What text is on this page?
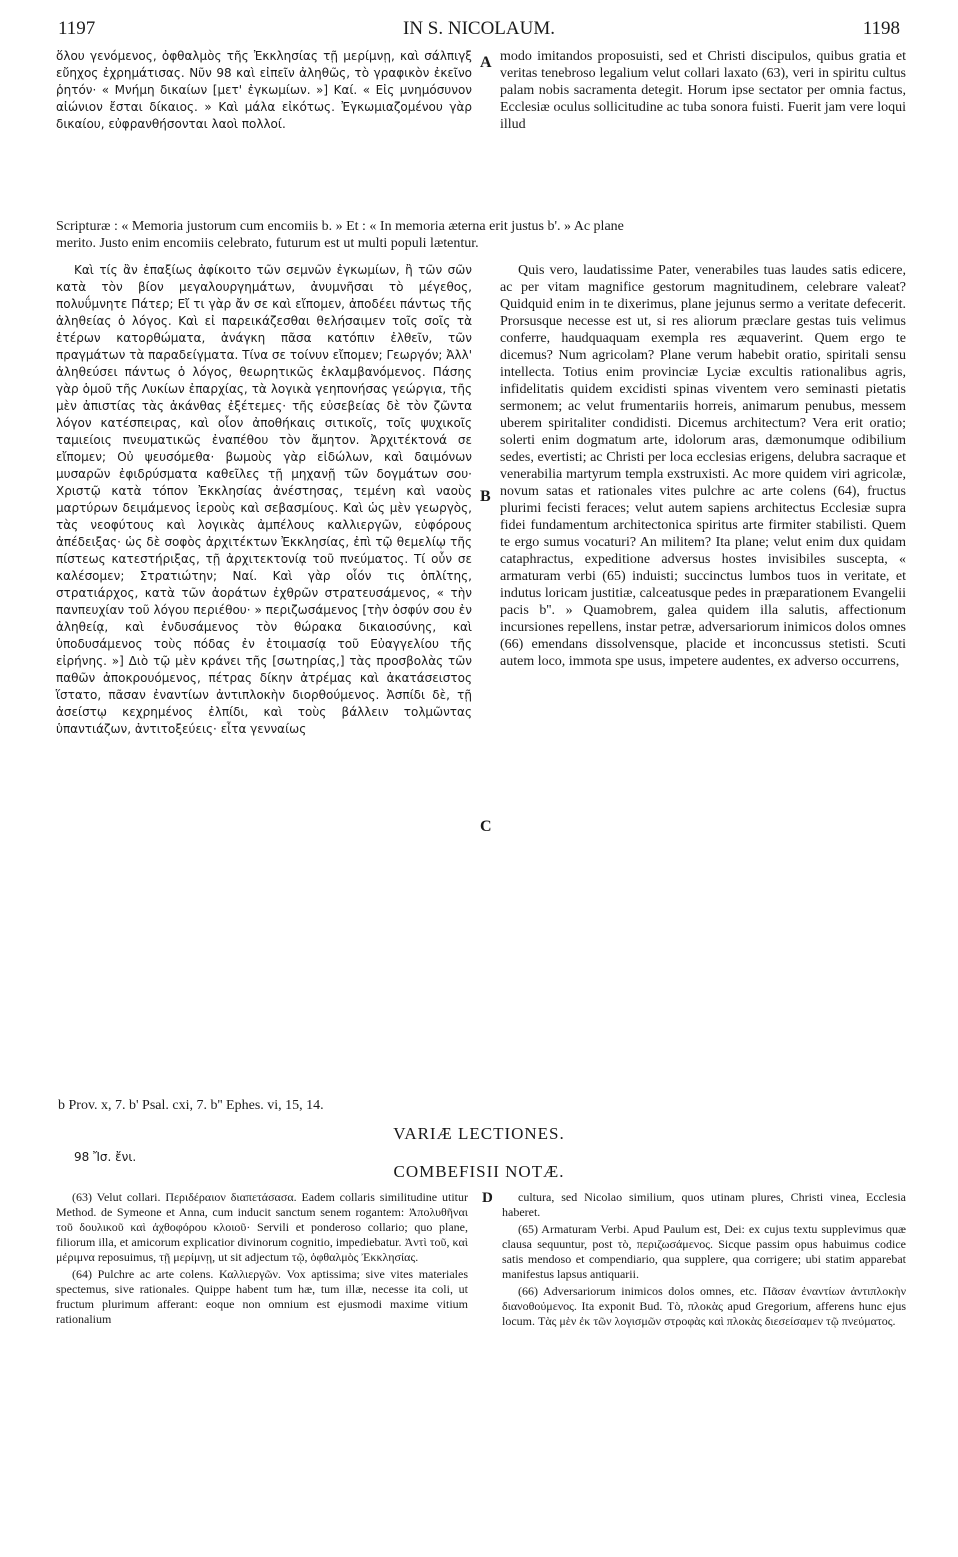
1197	IN S. NICOLAUM.	1198

ὅλου γενόμενος, ὀφθαλμὸς τῆς Ἐκκλησίας τῇ μερίμνῃ, καὶ σάλπιγξ εὔηχος ἐχρημάτισας. Νῦν 98 καὶ εἰπεῖν ἀληθῶς, τὸ γραφικὸν ἐκεῖνο ῥητόν· « Μνήμη δικαίων [μετ' ἐγκωμίων. »] Καί. « Εἰς μνημόσυνον αἰώνιον ἔσται δίκαιος. » Καὶ μάλα εἰκότως. Ἐγκωμιαζομένου γὰρ δικαίου, εὐφρανθήσονται λαοὶ πολλοί.

modo imitandos proposuisti, sed et Christi discipulos, quibus gratia et veritas tenebroso legalium velut collari laxato (63), veri in spiritu cultus palam nobis sacramenta detegit. Horum ipse sectator per omnia factus, Ecclesiæ oculus sollicitudine ac tuba sonora fuisti. Fuerit jam vere loqui illud

Scripturæ : « Memoria justorum cum encomiis b. » Et : « In memoria æterna erit justus b'. » Ac plane
merito. Justo enim encomiis celebrato, futurum est ut multi populi lætentur.

Καὶ τίς ἂν ἐπαξίως ἀφίκοιτο τῶν σεμνῶν ἐγκωμίων, ἢ τῶν σῶν κατὰ τὸν βίον μεγαλουργημάτων, ἀνυμνῆσαι τὸ μέγεθος, πολυΰμνητε Πάτερ; Εἴ τι γὰρ ἄν σε καὶ εἴπομεν, ἀποδέει πάντως τῆς ἀληθείας ὁ λόγος. Καὶ εἰ παρεικάζεσθαι θελήσαιμεν τοῖς σοῖς τὰ ἑτέρων κατορθώματα, ἀνάγκη πᾶσα κατόπιν ἐλθεῖν, τῶν πραγμάτων τὰ παραδείγματα. Τίνα σε τοίνυν εἴπομεν; Γεωργόν; Ἀλλ' ἀληθεύσει πάντως ὁ λόγος, θεωρητικῶς ἐκλαμβανόμενος. Πάσης γὰρ ὁμοῦ τῆς Λυκίων ἐπαρχίας, τὰ λογικὰ γεηπονήσας γεώργια, τῆς μὲν ἀπιστίας τὰς ἀκάνθας ἐξέτεμες· τῆς εὐσεβείας δὲ τὸν ζῶντα λόγον κατέσπειρας, καὶ οἷον ἀποθήκαις σιτικοῖς, τοῖς ψυχικοῖς ταμιείοις πνευματικῶς ἐναπέθου τὸν ἄμητον. Ἀρχιτέκτονά σε εἴπομεν; Οὐ ψευσόμεθα· βωμοὺς γὰρ εἰδώλων, καὶ δαιμόνων μυσαρῶν ἐφιδρύσματα καθεῖλες τῇ μηχανῇ τῶν δογμάτων σου· Χριστῷ κατὰ τόπον Ἐκκλησίας ἀνέστησας, τεμένη καὶ ναοὺς μαρτύρων δειμάμενος ἱεροὺς καὶ σεβασμίους. Καὶ ὡς μὲν γεωργὸς, τὰς νεοφύτους καὶ λογικὰς ἀμπέλους καλλιεργῶν, εὐφόρους ἀπέδειξας· ὡς δὲ σοφὸς ἀρχιτέκτων Ἐκκλησίας, ἐπὶ τῷ θεμελίῳ τῆς πίστεως κατεστήριξας, τῇ ἀρχιτεκτονίᾳ τοῦ πνεύματος. Τί οὖν σε καλέσομεν; Στρατιώτην; Ναί. Καὶ γὰρ οἷόν τις ὁπλίτης, στρατιάρχος, κατὰ τῶν ἀοράτων ἐχθρῶν στρατευσάμενος, « τὴν πανπευχίαν τοῦ λόγου περιέθου· » περιζωσάμενος [τὴν ὀσφύν σου ἐν ἀληθείᾳ, καὶ ἐνδυσάμενος τὸν θώρακα δικαιοσύνης, καὶ ὑποδυσάμενος τοὺς πόδας ἐν ἑτοιμασίᾳ τοῦ Εὐαγγελίου τῆς εἰρήνης. »] Διὸ τῷ μὲν κράνει τῆς [σωτηρίας,] τὰς προσβολὰς τῶν παθῶν ἀποκρουόμενος, πέτρας δίκην ἀτρέμας καὶ ἀκατάσειστος ἵστατο, πᾶσαν ἐναντίων ἀντιπλοκὴν διορθούμενος. Ἀσπίδι δὲ, τῇ ἀσείστῳ κεχρημένος ἐλπίδι, καὶ τοὺς βάλλειν τολμῶντας ὑπαντιάζων, ἀντιτοξεύεις· εἶτα γενναίως

Quis vero, laudatissime Pater, venerabiles tuas laudes satis edicere, ac per vitam magnifice gestorum magnitudinem, celebrare valeat? Quidquid enim in te dixerimus, plane jejunus sermo a veritate defecerit. Prorsusque necesse est ut, si res aliorum præclare gestas tuis velimus conferre, haudquaquam exempla res æquaverint. Quem ergo te dicemus? Num agricolam? Plane verum habebit oratio, spiritali sensu intellecta. Totius enim provinciæ Lyciæ excultis rationalibus agris, infidelitatis quidem excidisti spinas viventem vero seminasti pietatis sermonem; ac velut frumentariis horreis, animarum penubus, messem uberem spiritaliter condidisti. Dicemus architectum? Vera erit oratio; solerti enim dogmatum arte, idolorum aras, dæmonumque odibilium sedes, evertisti; ac Christi per loca ecclesias erigens, delubra sacraque et venerabilia martyrum templa exstruxisti. Ac more quidem viri agricolæ, novum satas et rationales vites pulchre ac arte colens (64), fructus plurimi fecisti feraces; velut autem sapiens architectus Ecclesiæ supra fidei fundamentum architectonica spiritus arte firmiter stabilisti. Quem te ergo sumus vocaturi? An militem? Ita plane; velut enim dux quidam cataphractus, expeditione adversus hostes invisibiles suscepta, « armaturam verbi (65) induisti; succinctus lumbos tuos in veritate, et indutus loricam justitiæ, calceatusque pedes in præparationem Evangelii pacis b''. » Quamobrem, galea quidem illa salutis, affectionum incursiones repellens, instar petræ, adversariorum inimicos dolos omnes (66) emendans dissolvensque, placide et inconcussus stetisti. Scuti autem loco, immota spe usus, impetere audentes, ex adverso occurrens,

A
B
C
b Prov. x, 7. b' Psal. cxi, 7. b'' Ephes. vi, 15, 14.
VARIÆ LECTIONES.
98 Ἴσ. ἔνι.
COMBEFISII NOTÆ.

(63) Velut collari. Περιδέραιον διαπετάσασα. Eadem collaris similitudine utitur Method. de Symeone et Anna, cum inducit sanctum senem rogantem: Ἀπολυθῆναι τοῦ δουλικοῦ καὶ ἀχθοφόρου κλοιοῦ· Servili et ponderoso collario; quo plane, filiorum illa, et amicorum explicatior divinorum cognitio, impediebatur. Ἀντὶ τοῦ, καὶ μέριμνα reposuimus, τῇ μερίμνῃ, ut sit adjectum τῷ, ὀφθαλμὸς Ἐκκλησίας.

(64) Pulchre ac arte colens. Καλλιεργῶν. Vox aptissima; sive vites materiales spectemus, sive rationales. Quippe habent tum hæ, tum illæ, necesse ita coli, ut fructum plurimum afferant: eoque non omnium est ejusmodi maxime vitium rationalium

D	cultura, sed Nicolao similium, quos utinam plures, Christi vinea, Ecclesia haberet.

(65) Armaturam Verbi. Apud Paulum est, Dei: ex cujus textu supplevimus quæ clausa sequuntur, post τὸ, περιζωσάμενος. Sicque passim opus habuimus codice satis mendoso et compendiario, qua supplere, qua corrigere; ubi statim apparebat manifestus lapsus antiquarii.

(66) Adversariorum inimicos dolos omnes, etc. Πᾶσαν ἐναντίων ἀντιπλοκὴν διανοθούμενος. Ita exponit Bud. Τὸ, πλοκὰς apud Gregorium, afferens hunc ejus locum. Τὰς μὲν ἐκ τῶν λογισμῶν στροφὰς καὶ πλοκὰς διεσείσαμεν τῷ πνεύματος.
